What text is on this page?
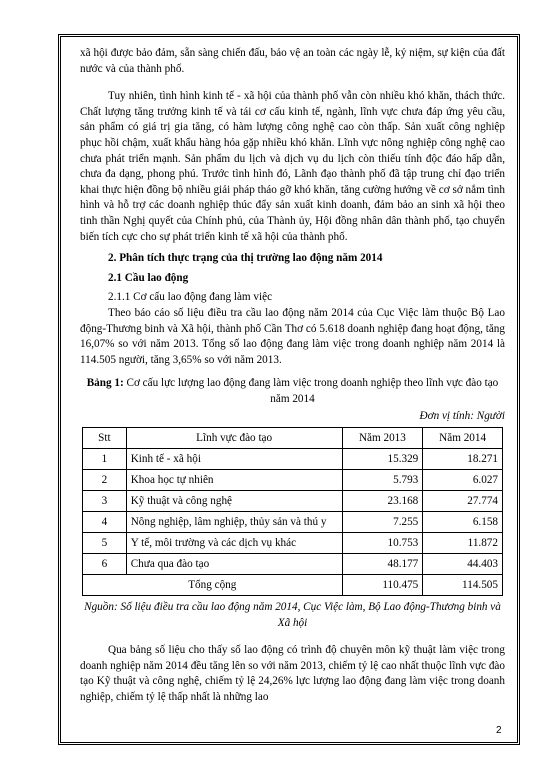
xã hội được bảo đảm, sẵn sàng chiến đấu, bảo vệ an toàn các ngày lễ, kỷ niệm, sự kiện của đất nước và của thành phố.

Tuy nhiên, tình hình kinh tế - xã hội của thành phố vẫn còn nhiều khó khăn, thách thức. Chất lượng tăng trưởng kinh tế và tái cơ cấu kinh tế, ngành, lĩnh vực chưa đáp ứng yêu cầu, sản phẩm có giá trị gia tăng, có hàm lượng công nghệ cao còn thấp. Sản xuất công nghiệp phục hồi chậm, xuất khẩu hàng hóa gặp nhiều khó khăn. Lĩnh vực nông nghiệp công nghệ cao chưa phát triển mạnh. Sản phẩm du lịch và dịch vụ du lịch còn thiếu tính độc đáo hấp dẫn, chưa đa dạng, phong phú. Trước tình hình đó, Lãnh đạo thành phố đã tập trung chỉ đạo triển khai thực hiện đồng bộ nhiều giải pháp tháo gỡ khó khăn, tăng cường hướng về cơ sở nắm tình hình và hỗ trợ các doanh nghiệp thúc đẩy sản xuất kinh doanh, đảm bảo an sinh xã hội theo tinh thần Nghị quyết của Chính phủ, của Thành ủy, Hội đồng nhân dân thành phố, tạo chuyển biến tích cực cho sự phát triển kinh tế xã hội của thành phố.

2. Phân tích thực trạng của thị trường lao động năm 2014

2.1 Cầu lao động

2.1.1 Cơ cấu lao động đang làm việc

Theo báo cáo số liệu điều tra cầu lao động năm 2014 của Cục Việc làm thuộc Bộ Lao động-Thương binh và Xã hội, thành phố Cần Thơ có 5.618 doanh nghiệp đang hoạt động, tăng 16,07% so với năm 2013. Tổng số lao động đang làm việc trong doanh nghiệp năm 2014 là 114.505 người, tăng 3,65% so với năm 2013.

Bảng 1: Cơ cấu lực lượng lao động đang làm việc trong doanh nghiệp theo lĩnh vực đào tạo năm 2014

Đơn vị tính: Người

Stt	Lĩnh vực đào tạo	Năm 2013	Năm 2014
1	Kinh tế - xã hội	15.329	18.271
2	Khoa học tự nhiên	5.793	6.027
3	Kỹ thuật và công nghệ	23.168	27.774
4	Nông nghiệp, lâm nghiệp, thủy sản và thú y	7.255	6.158
5	Y tế, môi trường và các dịch vụ khác	10.753	11.872
6	Chưa qua đào tạo	48.177	44.403
Tổng cộng		110.475	114.505

Nguồn: Số liệu điều tra cầu lao động năm 2014, Cục Việc làm, Bộ Lao động-Thương binh và Xã hội

Qua bảng số liệu cho thấy số lao động có trình độ chuyên môn kỹ thuật làm việc trong doanh nghiệp năm 2014 đều tăng lên so với năm 2013, chiếm tỷ lệ cao nhất thuộc lĩnh vực đào tạo Kỹ thuật và công nghệ, chiếm tỷ lệ 24,26% lực lượng lao động đang làm việc trong doanh nghiệp, chiếm tỷ lệ thấp nhất là những lao

2
